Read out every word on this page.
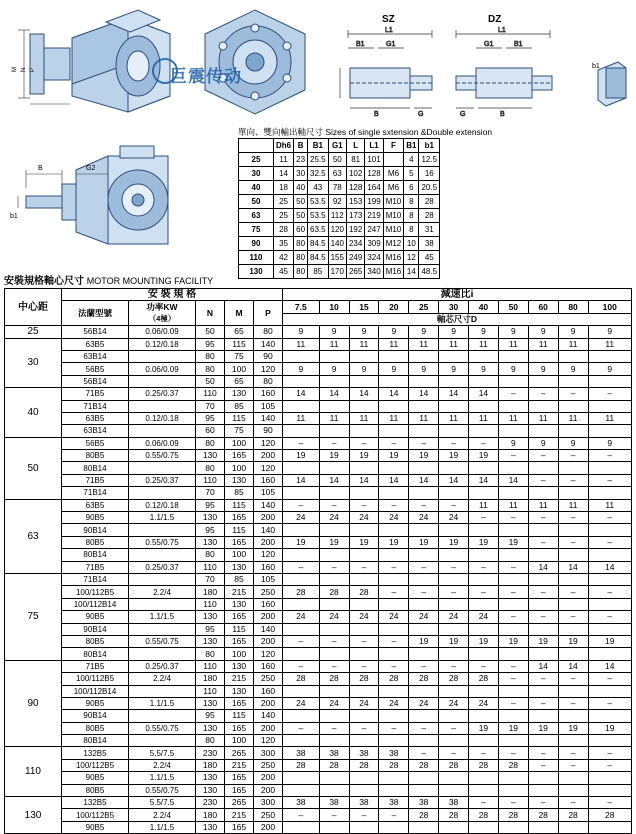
M N P	巨震传动
B	G2
b1
SZ
L1
B1	G1
B	G
DZ
L1
G1	B1
G	B
b1
單向、雙向輸出軸尺寸 Sizes of single sxtension &Double extension
	Dh6	B	B1	G1	L	L1	F	B1	b1
25	11	23	25.5	50	81	101		4	12.5
30	14	30	32.5	63	102	128	M6	5	16
40	18	40	43	78	128	164	M6	6	20.5
50	25	50	53.5	92	153	199	M10	8	28
63	25	50	53.5	112	173	219	M10	8	28
75	28	60	63.5	120	192	247	M10	8	31
90	35	80	84.5	140	234	309	M12	10	38
110	42	80	84.5	155	249	324	M16	12	45
130	45	80	85	170	265	340	M16	14	48.5
安裝規格軸心尺寸 MOTOR MOUNTING FACILITY
中心距	安 裝 規 格					減速比i										
	法蘭型號	功率KW
（4極）	N	M	P	7.5	10	15	20	25	30	40	50	60	80	100
						軸芯尺寸D										
25	56B14	0.06/0.09	50	65	80	9	9	9	9	9	9	9	9	9	9	9
30	63B5	0.12/0.18	95	115	140	11	11	11	11	11	11	11	11	11	11	11
	63B14		80	75	90											
	56B5	0.06/0.09	80	100	120	9	9	9	9	9	9	9	9	9	9	9
	56B14		50	65	80											
40	71B5	0.25/0.37	110	130	160	14	14	14	14	14	14	14	–	–	–	–
	71B14		70	85	105											
	63B5	0.12/0.18	95	115	140	11	11	11	11	11	11	11	11	11	11	11
	63B14		60	75	90											
50	56B5	0.06/0.09	80	100	120	–	–	–	–	–	–	–	9	9	9	9
	80B5	0.55/0.75	130	165	200	19	19	19	19	19	19	19	–	–	–	–
	80B14		80	100	120											
	71B5	0.25/0.37	110	130	160	14	14	14	14	14	14	14	14	–	–	–
	71B14		70	85	105											
63	63B5	0.12/0.18	95	115	140	–	–	–	–	–	–	11	11	11	11	11
	90B5	1.1/1.5	130	165	200	24	24	24	24	24	24	–	–	–	–	–
	90B14		95	115	140											
	80B5	0.55/0.75	130	165	200	19	19	19	19	19	19	19	19	–	–	–
	80B14		80	100	120											
	71B5	0.25/0.37	110	130	160	–	–	–	–	–	–	–	–	14	14	14
75	71B14		70	85	105											
	100/112B5	2.2/4	180	215	250	28	28	28	–	–	–	–	–	–	–	–
	100/112B14		110	130	160											
	90B5	1.1/1.5	130	165	200	24	24	24	24	24	24	24	–	–	–	–
	90B14		95	115	140											
	80B5	0.55/0.75	130	165	200	–	–	–	–	19	19	19	19	19	19	19
	80B14		80	100	120											
90	71B5	0.25/0.37	110	130	160	–	–	–	–	–	–	–	–	14	14	14
	100/112B5	2.2/4	180	215	250	28	28	28	28	28	28	28	–	–	–	–
	100/112B14		110	130	160											
	90B5	1.1/1.5	130	165	200	24	24	24	24	24	24	24	–	–	–	–
	90B14		95	115	140											
	80B5	0.55/0.75	130	165	200	–	–	–	–	–	–	19	19	19	19	19
	80B14		80	100	120											
110	132B5	5.5/7.5	230	265	300	38	38	38	38	–	–	–	–	–	–	–
	100/112B5	2.2/4	180	215	250	28	28	28	28	28	28	28	28	–	–	–
	90B5	1.1/1.5	130	165	200											
	80B5	0.55/0.75	130	165	200											
130	132B5	5.5/7.5	230	265	300	38	38	38	38	38	38	–	–	–	–	–
	100/112B5	2.2/4	180	215	250	–	–	–	–	28	28	28	28	28	28	28
	90B5	1.1/1.5	130	165	200											
